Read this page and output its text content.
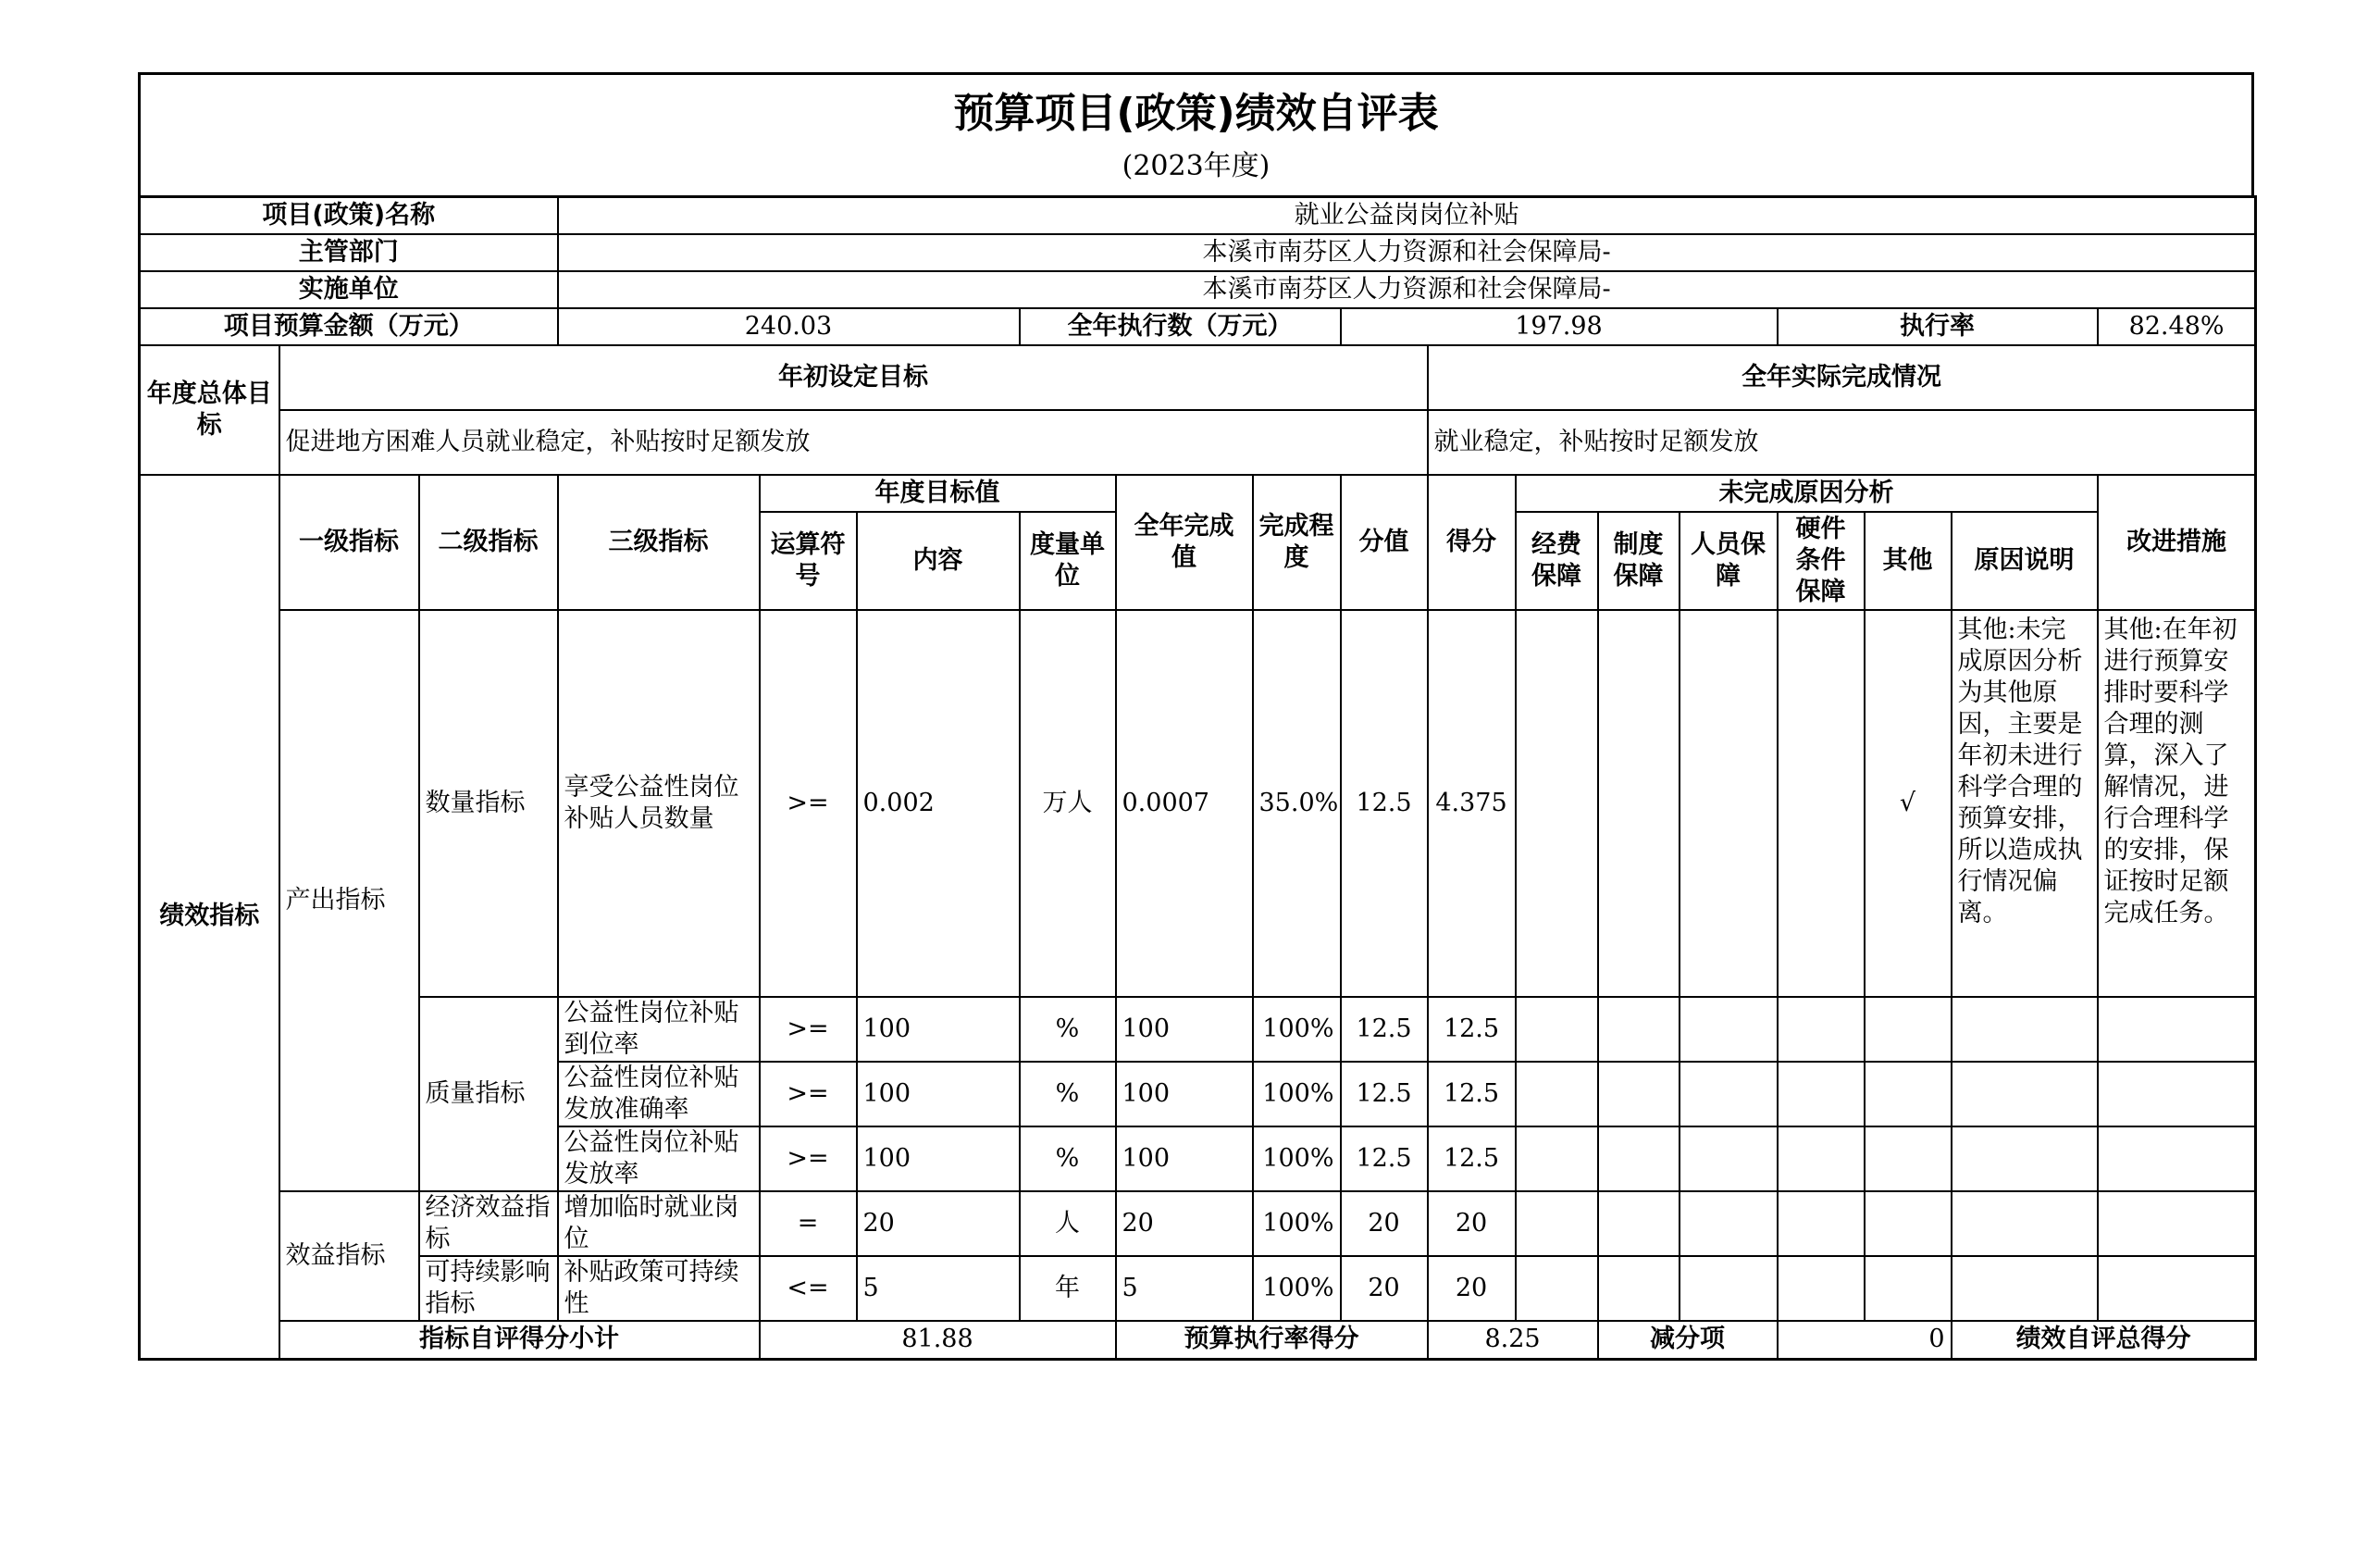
预算项目(政策)绩效自评表
(2023年度)
项目(政策)名称			就业公益岗岗位补贴															
主管部门			本溪市南芬区人力资源和社会保障局-															
实施单位			本溪市南芬区人力资源和社会保障局-															
项目预算金额（万元）			240.03			全年执行数（万元）			197.98					执行率			82.48%	
年度总体目标	年初设定目标									全年实际完成情况								
	促进地方困难人员就业稳定，补贴按时足额发放									就业稳定，补贴按时足额发放								
绩效指标	一级指标	二级指标	三级指标	年度目标值			全年完成值	完成程度	分值	得分	未完成原因分析						改进措施	
				运算符号	内容	度量单位					经费保障	制度保障	人员保障	硬件条件保障	其他	原因说明		
	产出指标	数量指标	享受公益性岗位补贴人员数量	>=	0.002	万人	0.0007	35.0%	12.5	4.375					√	其他:未完成原因分析为其他原因，主要是年初未进行科学合理的预算安排，所以造成执行情况偏离。	其他:在年初进行预算安排时要科学合理的测算，深入了解情况，进行合理科学的安排，保证按时足额完成任务。	
		质量指标	公益性岗位补贴到位率	>=	100	%	100	100%	12.5	12.5								
			公益性岗位补贴发放准确率	>=	100	%	100	100%	12.5	12.5								
			公益性岗位补贴发放率	>=	100	%	100	100%	12.5	12.5								
	效益指标	经济效益指标	增加临时就业岗位	=	20	人	20	100%	20	20								
		可持续影响指标	补贴政策可持续性	<=	5	年	5	100%	20	20								
	指标自评得分小计			81.88			预算执行率得分			8.25		减分项		0		绩效自评总得分	
